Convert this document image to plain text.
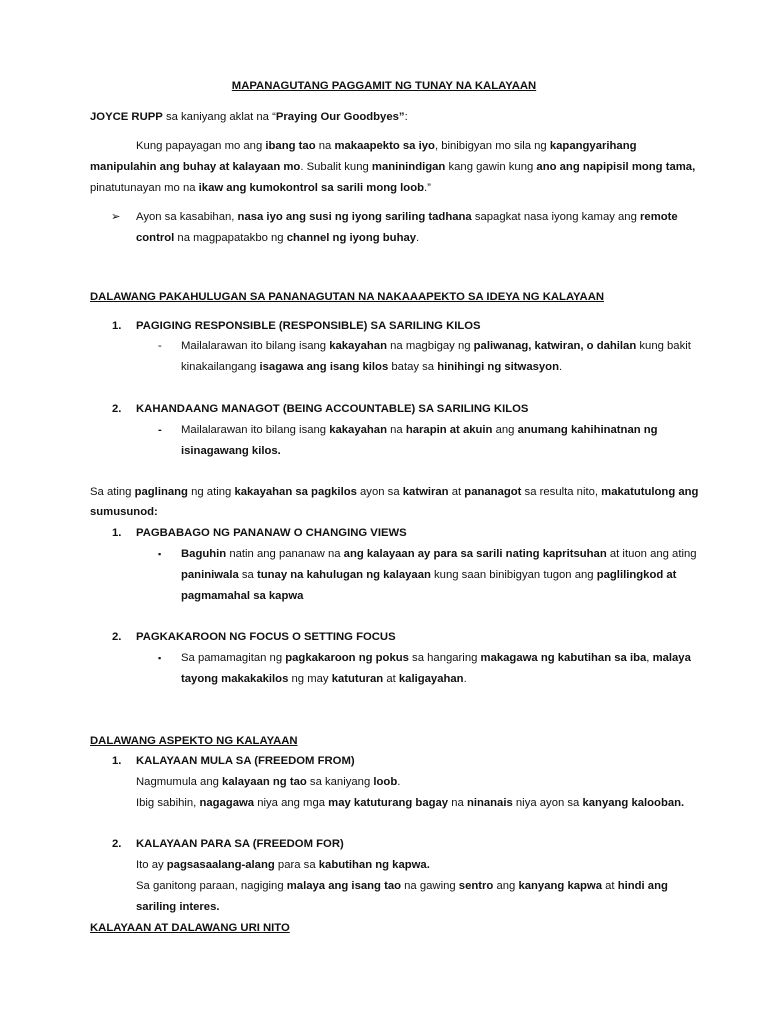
MAPANAGUTANG PAGGAMIT NG TUNAY NA KALAYAAN
JOYCE RUPP sa kaniyang aklat na “Praying Our Goodbyes”:
Kung papayagan mo ang ibang tao na makaapekto sa iyo, binibigyan mo sila ng kapangyarihang
manipulahin ang buhay at kalayaan mo. Subalit kung maninindigan kang gawin kung ano ang napipisil mong tama,
pinatutunayan mo na ikaw ang kumokontrol sa sarili mong loob.”
➢ Ayon sa kasabihan, nasa iyo ang susi ng iyong sariling tadhana sapagkat nasa iyong kamay ang remote
control na magpapatakbo ng channel ng iyong buhay.
DALAWANG PAKAHULUGAN SA PANANAGUTAN NA NAKAAAPEKTO SA IDEYA NG KALAYAAN
1. PAGIGING RESPONSIBLE (RESPONSIBLE) SA SARILING KILOS
- Mailalarawan ito bilang isang kakayahan na magbigay ng paliwanag, katwiran, o dahilan kung bakit
kinakailangang isagawa ang isang kilos batay sa hinihingi ng sitwasyon.
2. KAHANDAANG MANAGOT (BEING ACCOUNTABLE) SA SARILING KILOS
- Mailalarawan ito bilang isang kakayahan na harapin at akuin ang anumang kahihinatnan ng
isinagawang kilos.
Sa ating paglinang ng ating kakayahan sa pagkilos ayon sa katwiran at pananagot sa resulta nito, makatutulong ang
sumusunod:
1. PAGBABAGO NG PANANAW O CHANGING VIEWS
▪ Baguhin natin ang pananaw na ang kalayaan ay para sa sarili nating kapritsuhan at ituon ang ating
paniniwala sa tunay na kahulugan ng kalayaan kung saan binibigyan tugon ang paglilingkod at
pagmamahal sa kapwa
2. PAGKAKAROON NG FOCUS O SETTING FOCUS
▪ Sa pamamagitan ng pagkakaroon ng pokus sa hangaring makagawa ng kabutihan sa iba, malaya
tayong makakakilos ng may katuturan at kaligayahan.
DALAWANG ASPEKTO NG KALAYAAN
1. KALAYAAN MULA SA (FREEDOM FROM)
Nagmumula ang kalayaan ng tao sa kaniyang loob.
Ibig sabihin, nagagawa niya ang mga may katuturang bagay na ninanais niya ayon sa kanyang kalooban.
2. KALAYAAN PARA SA (FREEDOM FOR)
Ito ay pagsasaalang-alang para sa kabutihan ng kapwa.
Sa ganitong paraan, nagiging malaya ang isang tao na gawing sentro ang kanyang kapwa at hindi ang
sariling interes.
KALAYAAN AT DALAWANG URI NITO
